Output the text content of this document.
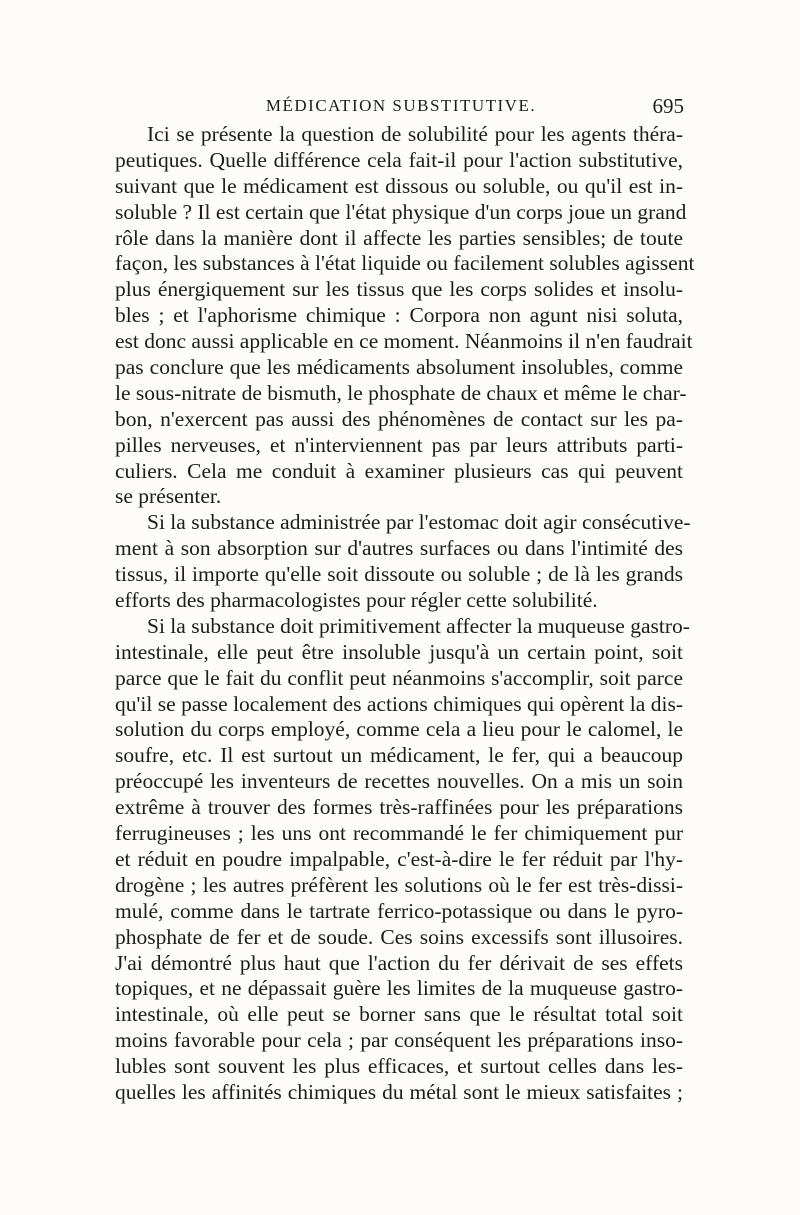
MÉDICATION SUBSTITUTIVE.	695
Ici se présente la question de solubilité pour les agents théra-
peutiques. Quelle différence cela fait-il pour l'action substitutive,
suivant que le médicament est dissous ou soluble, ou qu'il est in-
soluble ? Il est certain que l'état physique d'un corps joue un grand
rôle dans la manière dont il affecte les parties sensibles; de toute
façon, les substances à l'état liquide ou facilement solubles agissent
plus énergiquement sur les tissus que les corps solides et insolu-
bles ; et l'aphorisme chimique : Corpora non agunt nisi soluta,
est donc aussi applicable en ce moment. Néanmoins il n'en faudrait
pas conclure que les médicaments absolument insolubles, comme
le sous-nitrate de bismuth, le phosphate de chaux et même le char-
bon, n'exercent pas aussi des phénomènes de contact sur les pa-
pilles nerveuses, et n'interviennent pas par leurs attributs parti-
culiers. Cela me conduit à examiner plusieurs cas qui peuvent
se présenter.
Si la substance administrée par l'estomac doit agir consécutive-
ment à son absorption sur d'autres surfaces ou dans l'intimité des
tissus, il importe qu'elle soit dissoute ou soluble ; de là les grands
efforts des pharmacologistes pour régler cette solubilité.
Si la substance doit primitivement affecter la muqueuse gastro-
intestinale, elle peut être insoluble jusqu'à un certain point, soit
parce que le fait du conflit peut néanmoins s'accomplir, soit parce
qu'il se passe localement des actions chimiques qui opèrent la dis-
solution du corps employé, comme cela a lieu pour le calomel, le
soufre, etc. Il est surtout un médicament, le fer, qui a beaucoup
préoccupé les inventeurs de recettes nouvelles. On a mis un soin
extrême à trouver des formes très-raffinées pour les préparations
ferrugineuses ; les uns ont recommandé le fer chimiquement pur
et réduit en poudre impalpable, c'est-à-dire le fer réduit par l'hy-
drogène ; les autres préfèrent les solutions où le fer est très-dissi-
mulé, comme dans le tartrate ferrico-potassique ou dans le pyro-
phosphate de fer et de soude. Ces soins excessifs sont illusoires.
J'ai démontré plus haut que l'action du fer dérivait de ses effets
topiques, et ne dépassait guère les limites de la muqueuse gastro-
intestinale, où elle peut se borner sans que le résultat total soit
moins favorable pour cela ; par conséquent les préparations inso-
lubles sont souvent les plus efficaces, et surtout celles dans les-
quelles les affinités chimiques du métal sont le mieux satisfaites ;
